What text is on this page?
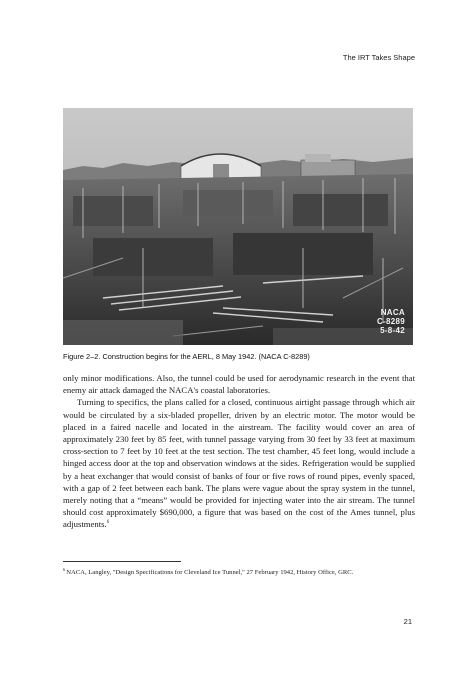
The IRT Takes Shape
NACA
C-8289
5-8-42
Figure 2–2. Construction begins for the AERL, 8 May 1942. (NACA C-8289)

only minor modifications. Also, the tunnel could be used for aerodynamic research in the event that enemy air attack damaged the NACA's coastal laboratories.

Turning to specifics, the plans called for a closed, continuous airtight passage through which air would be circulated by a six-bladed propeller, driven by an electric motor. The motor would be placed in a faired nacelle and located in the airstream. The facility would cover an area of approximately 230 feet by 85 feet, with tunnel passage varying from 30 feet by 33 feet at maximum cross-section to 7 feet by 10 feet at the test section. The test chamber, 45 feet long, would include a hinged access door at the top and observation windows at the sides. Refrigeration would be supplied by a heat exchanger that would consist of banks of four or five rows of round pipes, evenly spaced, with a gap of 2 feet between each bank. The plans were vague about the spray system in the tunnel, merely noting that a “means” would be provided for injecting water into the air stream. The tunnel should cost approximately $690,000, a figure that was based on the cost of the Ames tunnel, plus adjustments.$^6$

$^6$NACA, Langley, "Design Specifications for Cleveland Ice Tunnel," 27 February 1942, History Office, GRC.
21
